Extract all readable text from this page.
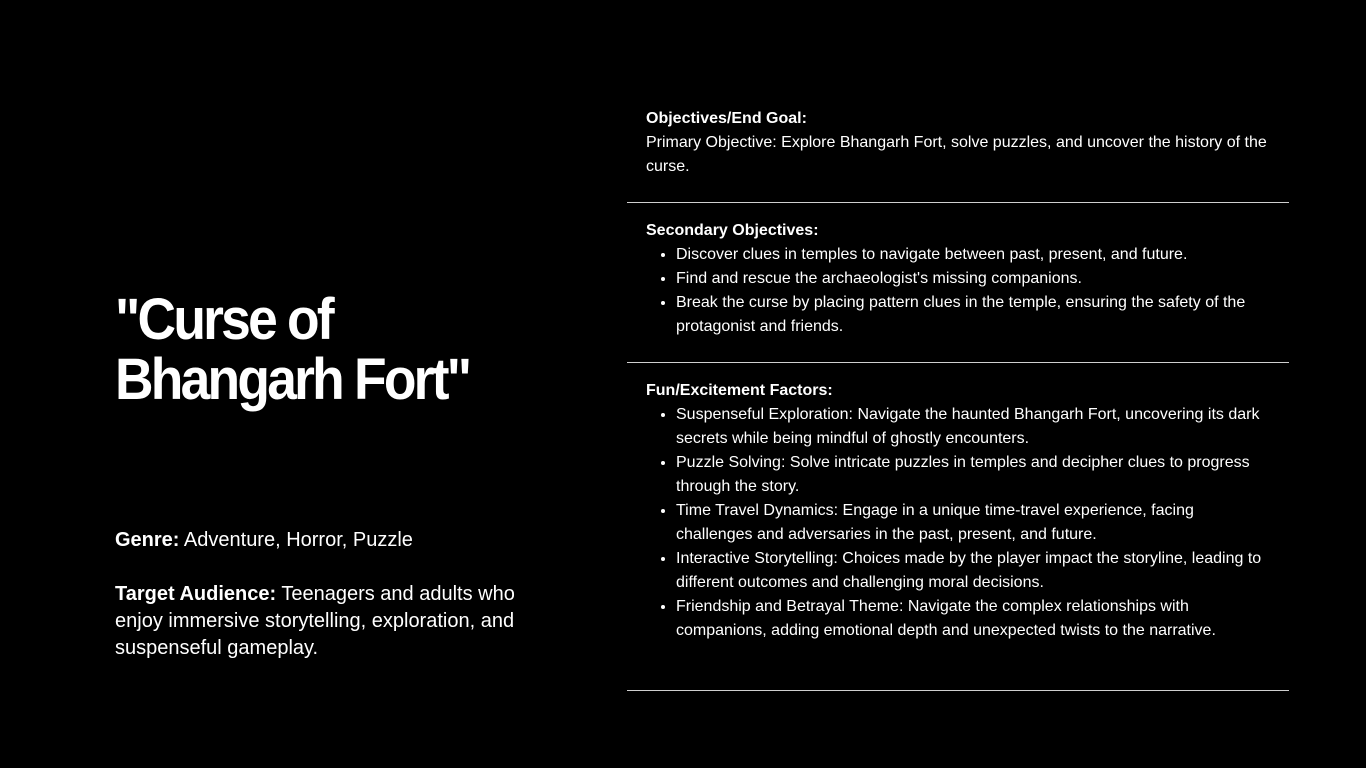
"Curse of
Bhangarh Fort"

Genre: Adventure, Horror, Puzzle

Target Audience: Teenagers and adults who enjoy immersive storytelling, exploration, and suspenseful gameplay.

Objectives/End Goal:

Primary Objective: Explore Bhangarh Fort, solve puzzles, and uncover the history of the curse.

Secondary Objectives:
• Discover clues in temples to navigate between past, present, and future.
• Find and rescue the archaeologist's missing companions.
• Break the curse by placing pattern clues in the temple, ensuring the safety of the protagonist and friends.
Fun/Excitement Factors:
• Suspenseful Exploration: Navigate the haunted Bhangarh Fort, uncovering its dark secrets while being mindful of ghostly encounters.
• Puzzle Solving: Solve intricate puzzles in temples and decipher clues to progress through the story.
• Time Travel Dynamics: Engage in a unique time-travel experience, facing challenges and adversaries in the past, present, and future.
• Interactive Storytelling: Choices made by the player impact the storyline, leading to different outcomes and challenging moral decisions.
• Friendship and Betrayal Theme: Navigate the complex relationships with companions, adding emotional depth and unexpected twists to the narrative.
